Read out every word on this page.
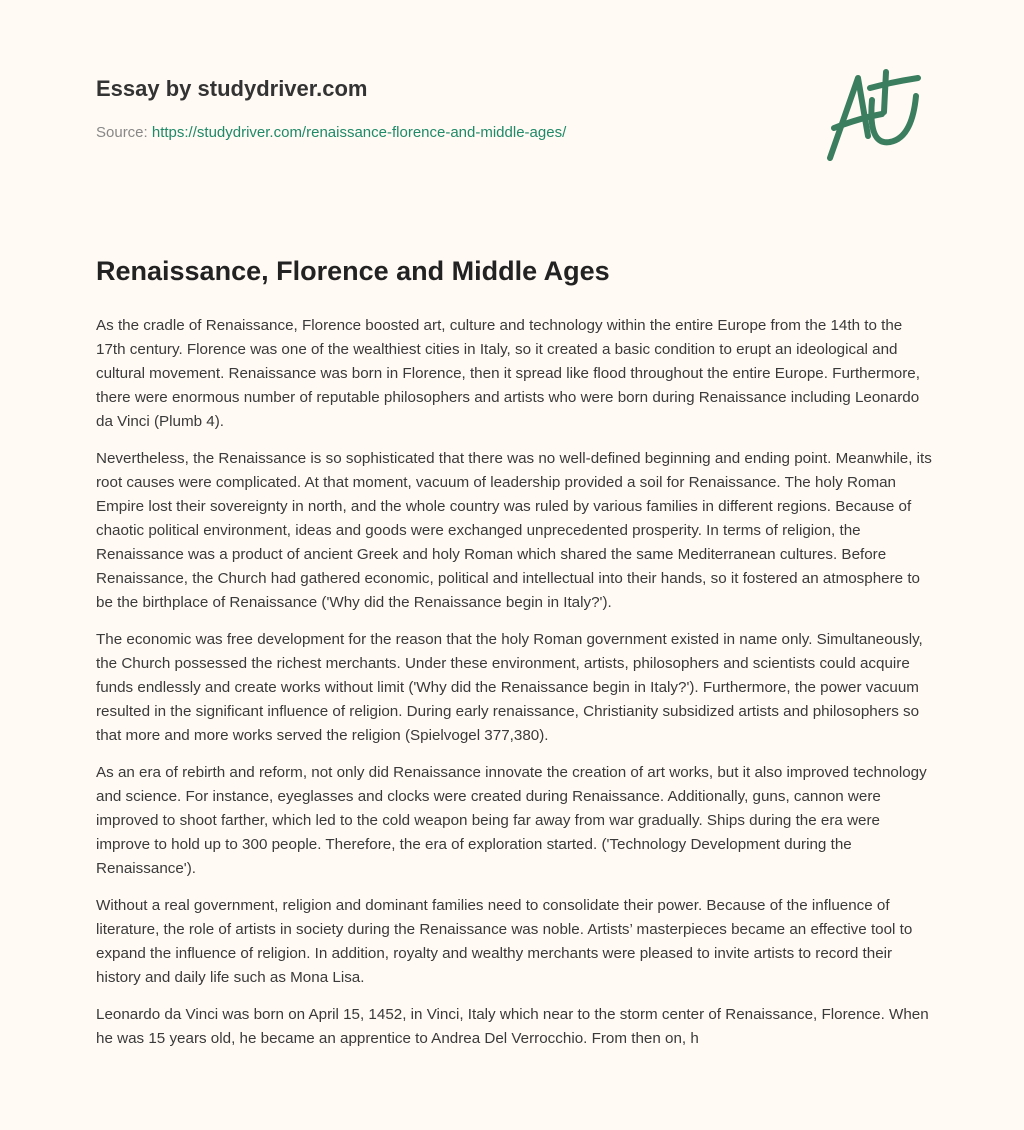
Essay by studydriver.com
Source: https://studydriver.com/renaissance-florence-and-middle-ages/
Renaissance, Florence and Middle Ages

As the cradle of Renaissance, Florence boosted art, culture and technology within the entire Europe from the 14th to the 17th century. Florence was one of the wealthiest cities in Italy, so it created a basic condition to erupt an ideological and cultural movement. Renaissance was born in Florence, then it spread like flood throughout the entire Europe. Furthermore, there were enormous number of reputable philosophers and artists who were born during Renaissance including Leonardo da Vinci (Plumb 4).

Nevertheless, the Renaissance is so sophisticated that there was no well-defined beginning and ending point. Meanwhile, its root causes were complicated. At that moment, vacuum of leadership provided a soil for Renaissance. The holy Roman Empire lost their sovereignty in north, and the whole country was ruled by various families in different regions. Because of chaotic political environment, ideas and goods were exchanged unprecedented prosperity. In terms of religion, the Renaissance was a product of ancient Greek and holy Roman which shared the same Mediterranean cultures. Before Renaissance, the Church had gathered economic, political and intellectual into their hands, so it fostered an atmosphere to be the birthplace of Renaissance ('Why did the Renaissance begin in Italy?').

The economic was free development for the reason that the holy Roman government existed in name only. Simultaneously, the Church possessed the richest merchants. Under these environment, artists, philosophers and scientists could acquire funds endlessly and create works without limit ('Why did the Renaissance begin in Italy?'). Furthermore, the power vacuum resulted in the significant influence of religion. During early renaissance, Christianity subsidized artists and philosophers so that more and more works served the religion (Spielvogel 377,380).

As an era of rebirth and reform, not only did Renaissance innovate the creation of art works, but it also improved technology and science. For instance, eyeglasses and clocks were created during Renaissance. Additionally, guns, cannon were improved to shoot farther, which led to the cold weapon being far away from war gradually. Ships during the era were improve to hold up to 300 people. Therefore, the era of exploration started. ('Technology Development during the Renaissance').

Without a real government, religion and dominant families need to consolidate their power. Because of the influence of literature, the role of artists in society during the Renaissance was noble. Artists’ masterpieces became an effective tool to expand the influence of religion. In addition, royalty and wealthy merchants were pleased to invite artists to record their history and daily life such as Mona Lisa.

Leonardo da Vinci was born on April 15, 1452, in Vinci, Italy which near to the storm center of Renaissance, Florence. When he was 15 years old, he became an apprentice to Andrea Del Verrocchio. From then on, h
